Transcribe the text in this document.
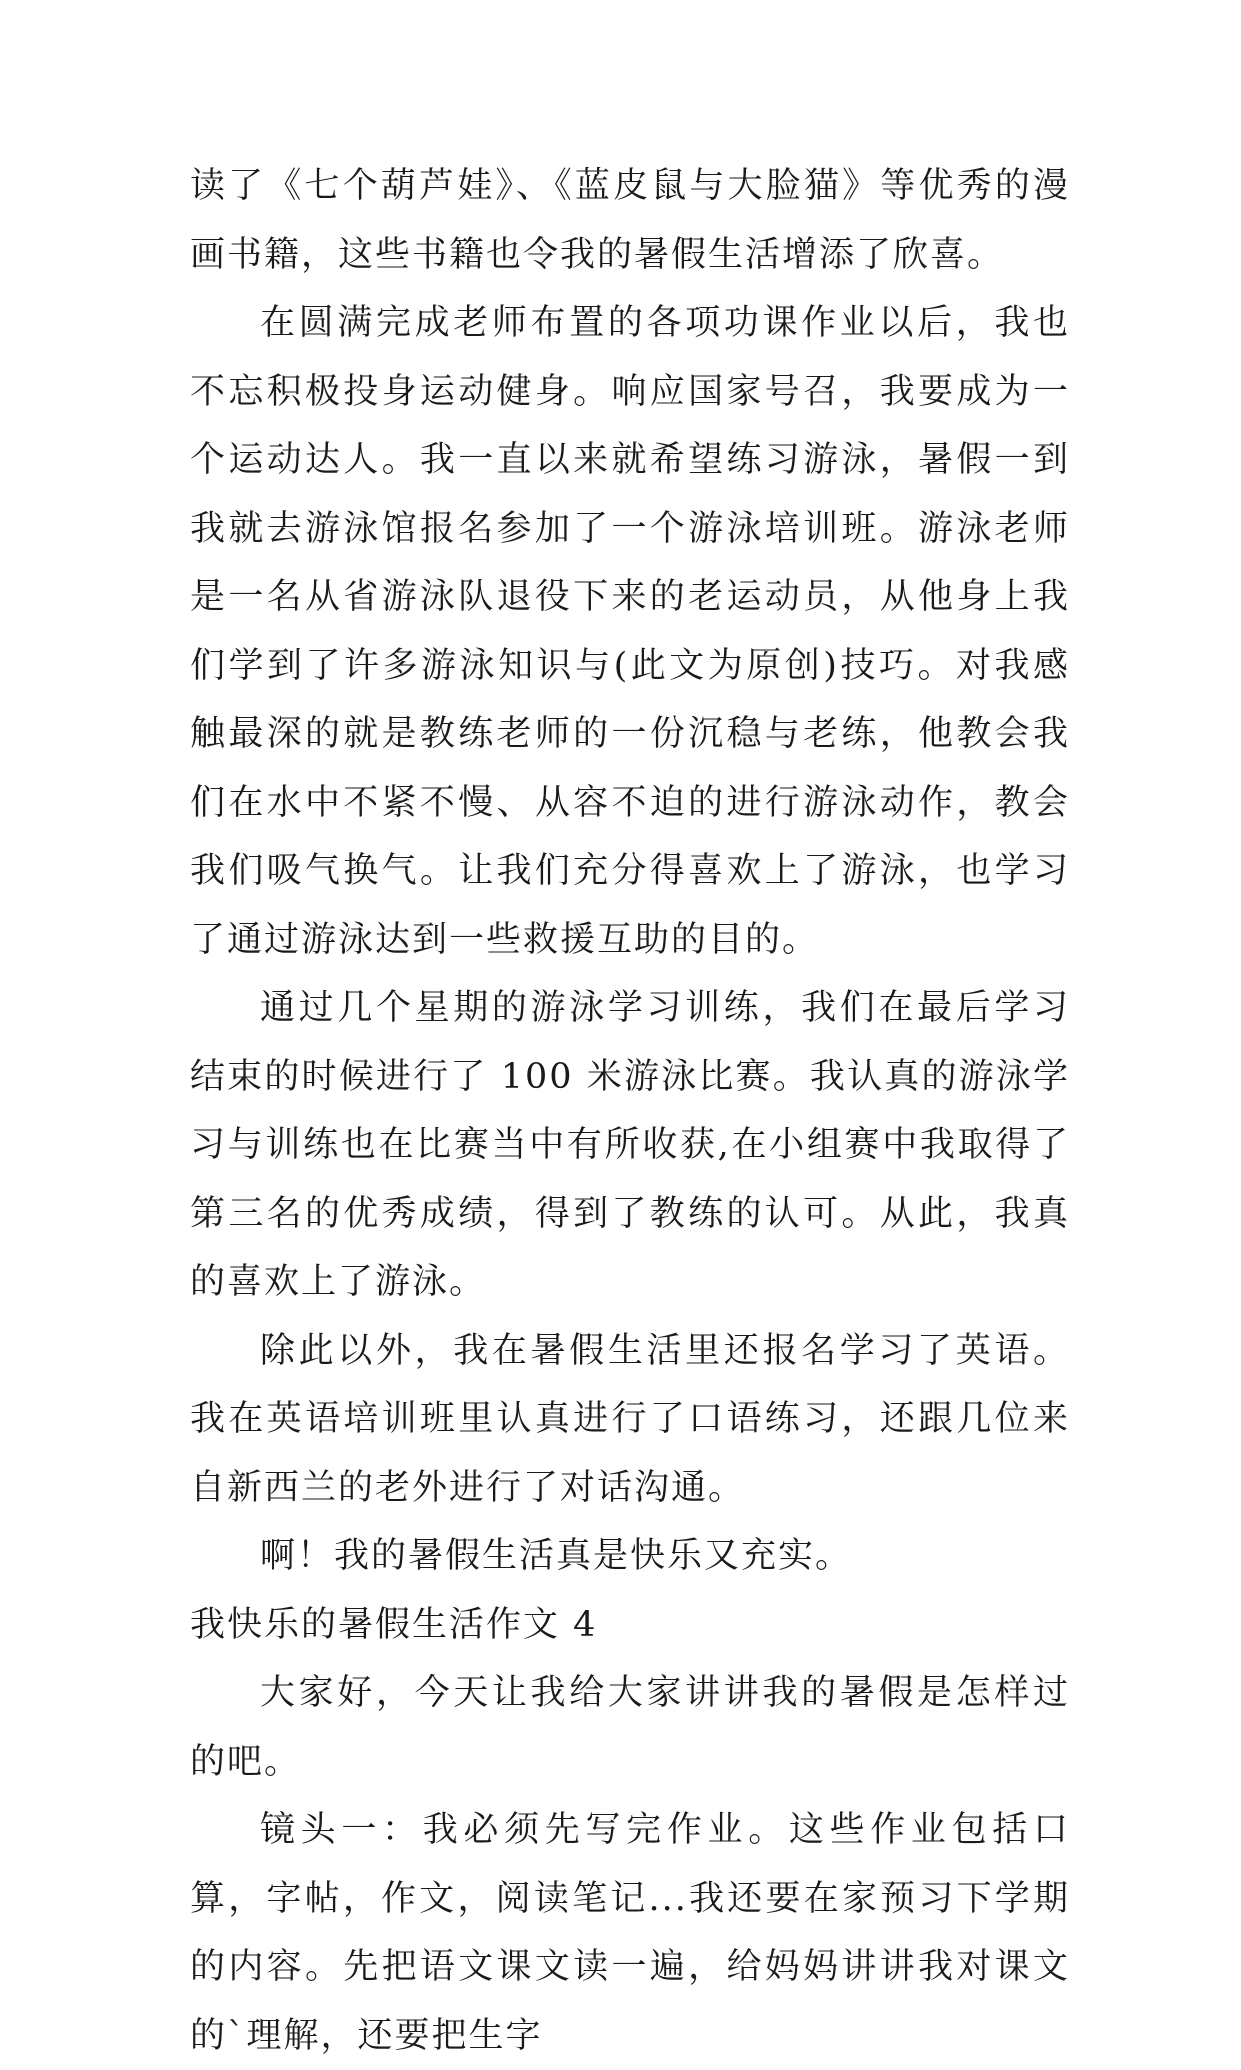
读了《七个葫芦娃》、《蓝皮鼠与大脸猫》等优秀的漫画书籍，这些书籍也令我的暑假生活增添了欣喜。

在圆满完成老师布置的各项功课作业以后，我也不忘积极投身运动健身。响应国家号召，我要成为一个运动达人。我一直以来就希望练习游泳，暑假一到我就去游泳馆报名参加了一个游泳培训班。游泳老师是一名从省游泳队退役下来的老运动员，从他身上我们学到了许多游泳知识与(此文为原创)技巧。对我感触最深的就是教练老师的一份沉稳与老练，他教会我们在水中不紧不慢、从容不迫的进行游泳动作，教会我们吸气换气。让我们充分得喜欢上了游泳，也学习了通过游泳达到一些救援互助的目的。

通过几个星期的游泳学习训练，我们在最后学习结束的时候进行了 100 米游泳比赛。我认真的游泳学习与训练也在比赛当中有所收获,在小组赛中我取得了第三名的优秀成绩，得到了教练的认可。从此，我真的喜欢上了游泳。

除此以外，我在暑假生活里还报名学习了英语。我在英语培训班里认真进行了口语练习，还跟几位来自新西兰的老外进行了对话沟通。

啊！我的暑假生活真是快乐又充实。

我快乐的暑假生活作文 4

大家好，今天让我给大家讲讲我的暑假是怎样过的吧。

镜头一：我必须先写完作业。这些作业包括口算，字帖，作文，阅读笔记...我还要在家预习下学期的内容。先把语文课文读一遍，给妈妈讲讲我对课文的`理解，还要把生字
